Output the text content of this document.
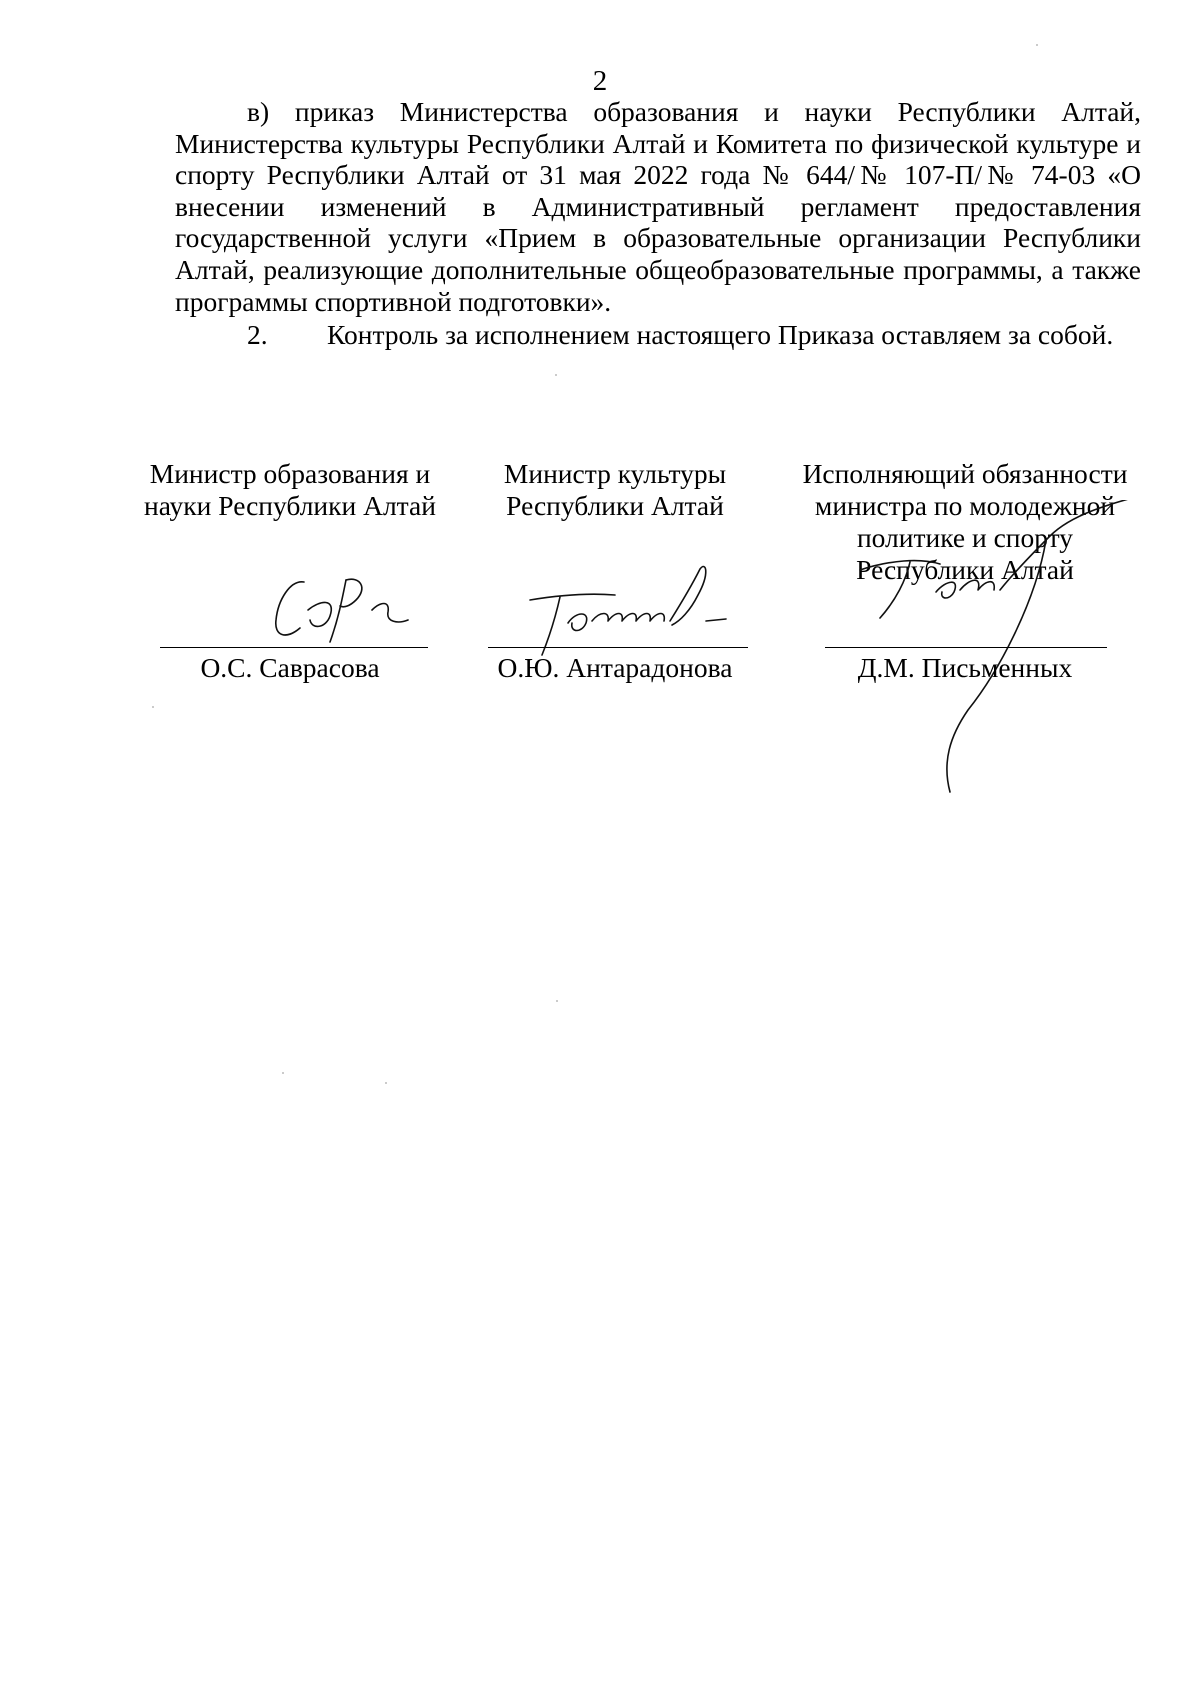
2

в) приказ Министерства образования и науки Республики Алтай, Министерства культуры Республики Алтай и Комитета по физической культуре и спорту Республики Алтай от 31 мая 2022 года № 644/№ 107-П/№ 74-03 «О внесении изменений в Административный регламент предоставления государственной услуги «Прием в образовательные организации Республики Алтай, реализующие дополнительные общеобразовательные программы, а также программы спортивной подготовки».

2. Контроль за исполнением настоящего Приказа оставляем за собой.

Министр образования и
науки Республики Алтай
О.С. Саврасова
Министр культуры
Республики Алтай
О.Ю. Антарадонова
Исполняющий обязанности
министра по молодежной
политике и спорту
Республики Алтай
Д.М. Письменных
